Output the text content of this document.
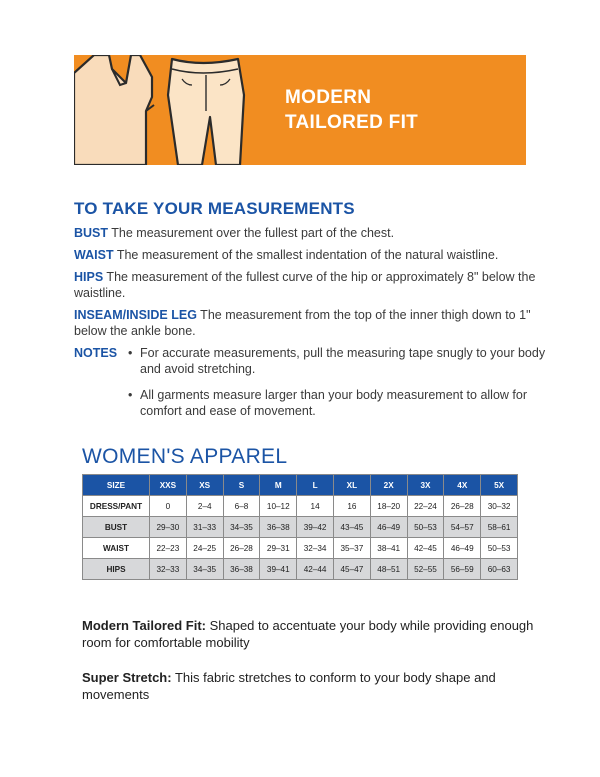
MODERN
TAILORED FIT
TO TAKE YOUR MEASUREMENTS
BUST The measurement over the fullest part of the chest.
WAIST The measurement of the smallest indentation of the natural waistline.
HIPS The measurement of the fullest curve of the hip or approximately 8" below the waistline.
INSEAM/INSIDE LEG The measurement from the top of the inner thigh down to 1" below the ankle bone.
NOTES • For accurate measurements, pull the measuring tape snugly to your body and avoid stretching.
• All garments measure larger than your body measurement to allow for comfort and ease of movement.
WOMEN'S APPAREL
SIZE	XXS	XS	S	M	L	XL	2X	3X	4X	5X
DRESS/PANT	0	2–4	6–8	10–12	14	16	18–20	22–24	26–28	30–32
BUST	29–30	31–33	34–35	36–38	39–42	43–45	46–49	50–53	54–57	58–61
WAIST	22–23	24–25	26–28	29–31	32–34	35–37	38–41	42–45	46–49	50–53
HIPS	32–33	34–35	36–38	39–41	42–44	45–47	48–51	52–55	56–59	60–63
Modern Tailored Fit: Shaped to accentuate your body while providing enough room for comfortable mobility
Super Stretch: This fabric stretches to conform to your body shape and movements
